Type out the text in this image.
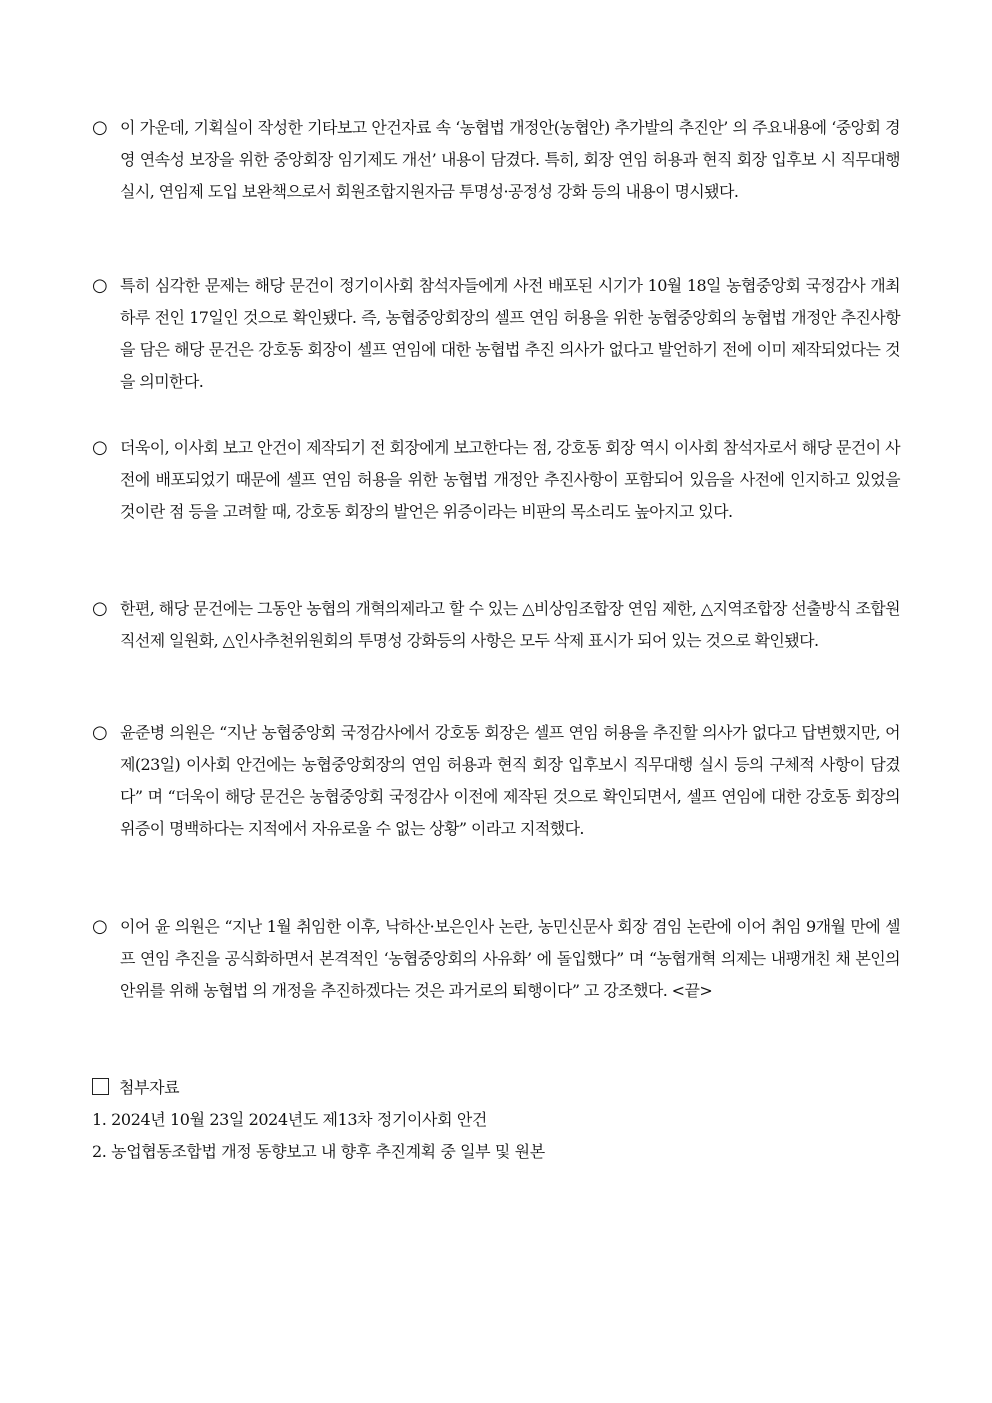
○ 이 가운데, 기획실이 작성한 기타보고 안건자료 속 ‘농협법 개정안(농협안) 추가발의 추진안’ 의 주요내용에 ‘중앙회 경영 연속성 보장을 위한 중앙회장 임기제도 개선’ 내용이 담겼다. 특히, 회장 연임 허용과 현직 회장 입후보 시 직무대행 실시, 연임제 도입 보완책으로서 회원조합지원자금 투명성·공정성 강화 등의 내용이 명시됐다.
○ 특히 심각한 문제는 해당 문건이 정기이사회 참석자들에게 사전 배포된 시기가 10월 18일 농협중앙회 국정감사 개최 하루 전인 17일인 것으로 확인됐다. 즉, 농협중앙회장의 셀프 연임 허용을 위한 농협중앙회의 농협법 개정안 추진사항을 담은 해당 문건은 강호동 회장이 셀프 연임에 대한 농협법 추진 의사가 없다고 발언하기 전에 이미 제작되었다는 것을 의미한다.
○ 더욱이, 이사회 보고 안건이 제작되기 전 회장에게 보고한다는 점, 강호동 회장 역시 이사회 참석자로서 해당 문건이 사전에 배포되었기 때문에 셀프 연임 허용을 위한 농협법 개정안 추진사항이 포함되어 있음을 사전에 인지하고 있었을 것이란 점 등을 고려할 때, 강호동 회장의 발언은 위증이라는 비판의 목소리도 높아지고 있다.
○ 한편, 해당 문건에는 그동안 농협의 개혁의제라고 할 수 있는 △비상임조합장 연임 제한, △지역조합장 선출방식 조합원 직선제 일원화, △인사추천위원회의 투명성 강화등의 사항은 모두 삭제 표시가 되어 있는 것으로 확인됐다.
○ 윤준병 의원은 “지난 농협중앙회 국정감사에서 강호동 회장은 셀프 연임 허용을 추진할 의사가 없다고 답변했지만, 어제(23일) 이사회 안건에는 농협중앙회장의 연임 허용과 현직 회장 입후보시 직무대행 실시 등의 구체적 사항이 담겼다” 며 “더욱이 해당 문건은 농협중앙회 국정감사 이전에 제작된 것으로 확인되면서, 셀프 연임에 대한 강호동 회장의 위증이 명백하다는 지적에서 자유로울 수 없는 상황” 이라고 지적했다.
○ 이어 윤 의원은 “지난 1월 취임한 이후, 낙하산·보은인사 논란, 농민신문사 회장 겸임 논란에 이어 취임 9개월 만에 셀프 연임 추진을 공식화하면서 본격적인 ‘농협중앙회의 사유화’ 에 돌입했다” 며 “농협개혁 의제는 내팽개친 채 본인의 안위를 위해 농협법 의 개정을 추진하겠다는 것은 과거로의 퇴행이다” 고 강조했다. <끝>
첨부자료
1. 2024년 10월 23일 2024년도 제13차 정기이사회 안건
2. 농업협동조합법 개정 동향보고 내 향후 추진계획 중 일부 및 원본
